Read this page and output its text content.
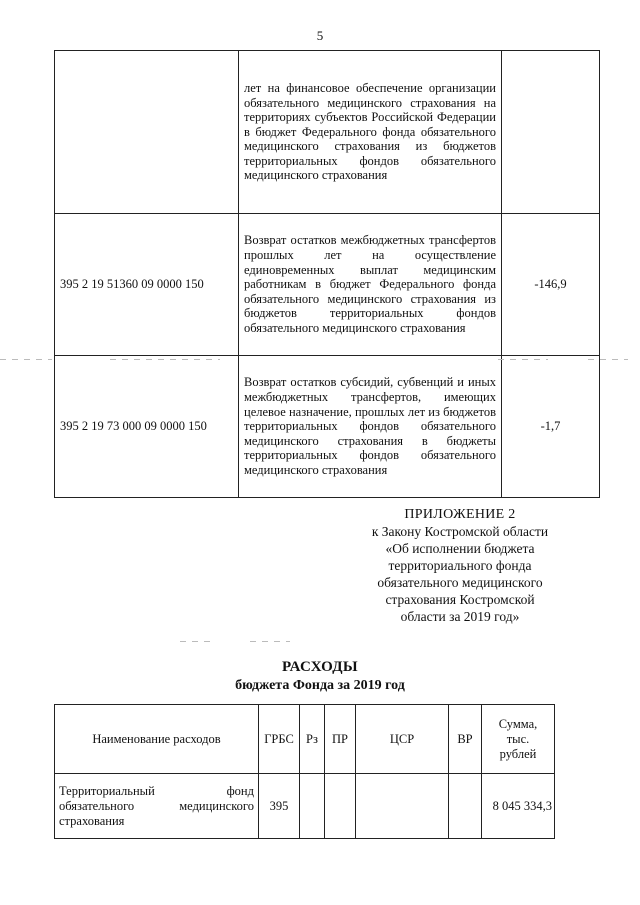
5
	лет на финансовое обеспечение организации обязательного медицинского страхования на территориях субъектов Российской Федерации в бюджет Федерального фонда обязательного медицинского страхования из бюджетов территориальных фондов обязательного медицинского страхования	
395 2 19 51360 09 0000 150	Возврат остатков межбюджетных трансфертов прошлых лет на осуществление единовременных выплат медицинским работникам в бюджет Федерального фонда обязательного медицинского страхования из бюджетов территориальных фондов обязательного медицинского страхования	-146,9
395 2 19 73 000 09 0000 150	Возврат остатков субсидий, субвенций и иных межбюджетных трансфертов, имеющих целевое назначение, прошлых лет из бюджетов территориальных фондов обязательного медицинского страхования в бюджеты территориальных фондов обязательного медицинского страхования	-1,7
ПРИЛОЖЕНИЕ 2
к Закону Костромской области
«Об исполнении бюджета
территориального фонда
обязательного медицинского
страхования Костромской
области за 2019 год»
РАСХОДЫ
бюджета Фонда за 2019 год
Наименование расходов	ГРБС	Рз	ПР	ЦСР	ВР	Сумма,
тыс.
рублей

Территориальный фонд обязательного медицинского страхования	395					8 045 334,3
